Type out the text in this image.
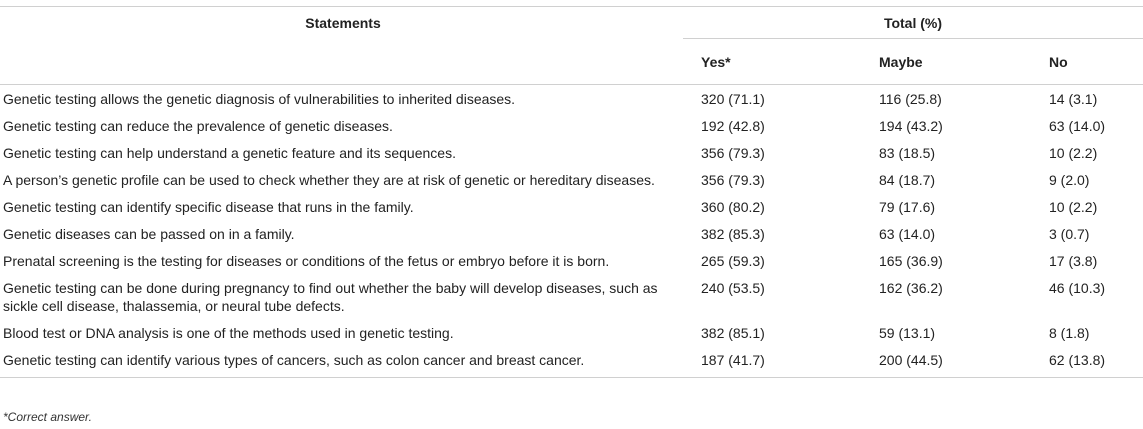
Statements	Total (%)		
	Yes*	Maybe	No
Genetic testing allows the genetic diagnosis of vulnerabilities to inherited diseases.	320 (71.1)	116 (25.8)	14 (3.1)
Genetic testing can reduce the prevalence of genetic diseases.	192 (42.8)	194 (43.2)	63 (14.0)
Genetic testing can help understand a genetic feature and its sequences.	356 (79.3)	83 (18.5)	10 (2.2)
A person’s genetic profile can be used to check whether they are at risk of genetic or hereditary diseases.	356 (79.3)	84 (18.7)	9 (2.0)
Genetic testing can identify specific disease that runs in the family.	360 (80.2)	79 (17.6)	10 (2.2)
Genetic diseases can be passed on in a family.	382 (85.3)	63 (14.0)	3 (0.7)
Prenatal screening is the testing for diseases or conditions of the fetus or embryo before it is born.	265 (59.3)	165 (36.9)	17 (3.8)
Genetic testing can be done during pregnancy to find out whether the baby will develop diseases, such as sickle cell disease, thalassemia, or neural tube defects.	240 (53.5)	162 (36.2)	46 (10.3)
Blood test or DNA analysis is one of the methods used in genetic testing.	382 (85.1)	59 (13.1)	8 (1.8)
Genetic testing can identify various types of cancers, such as colon cancer and breast cancer.	187 (41.7)	200 (44.5)	62 (13.8)
*Correct answer.
